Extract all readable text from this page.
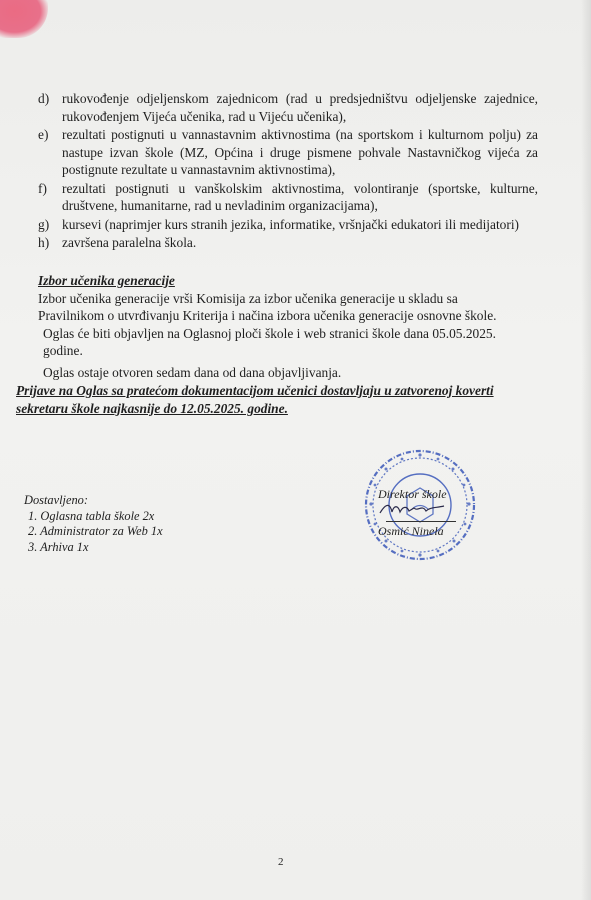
d) rukovođenje odjeljenskom zajednicom (rad u predsjedništvu odjeljenske zajednice, rukovođenjem Vijeća učenika, rad u Vijeću učenika),
e) rezultati postignuti u vannastavnim aktivnostima (na sportskom i kulturnom polju) za nastupe izvan škole (MZ, Općina i druge pismene pohvale Nastavničkog vijeća za postignute rezultate u vannastavnim aktivnostima),
f) rezultati postignuti u vanškolskim aktivnostima, volontiranje (sportske, kulturne, društvene, humanitarne, rad u nevladinim organizacijama),
g) kursevi (naprimjer kurs stranih jezika, informatike, vršnjački edukatori ili medijatori)
h) završena paralelna škola.
Izbor učenika generacije

Izbor učenika generacije vrši Komisija za izbor učenika generacije u skladu sa Pravilnikom o utvrđivanju Kriterija i načina izbora učenika generacije osnovne škole.

Oglas će biti objavljen na Oglasnoj ploči škole i web stranici škole dana 05.05.2025. godine.

Oglas ostaje otvoren sedam dana od dana objavljivanja.

Prijave na Oglas sa pratećom dokumentacijom učenici dostavljaju u zatvorenoj koverti sekretaru škole najkasnije do 12.05.2025. godine.
Dostavljeno:
1. Oglasna tabla škole 2x
2. Administrator za Web 1x
3. Arhiva 1x
Direktor škole
Osmić Ninela
2
